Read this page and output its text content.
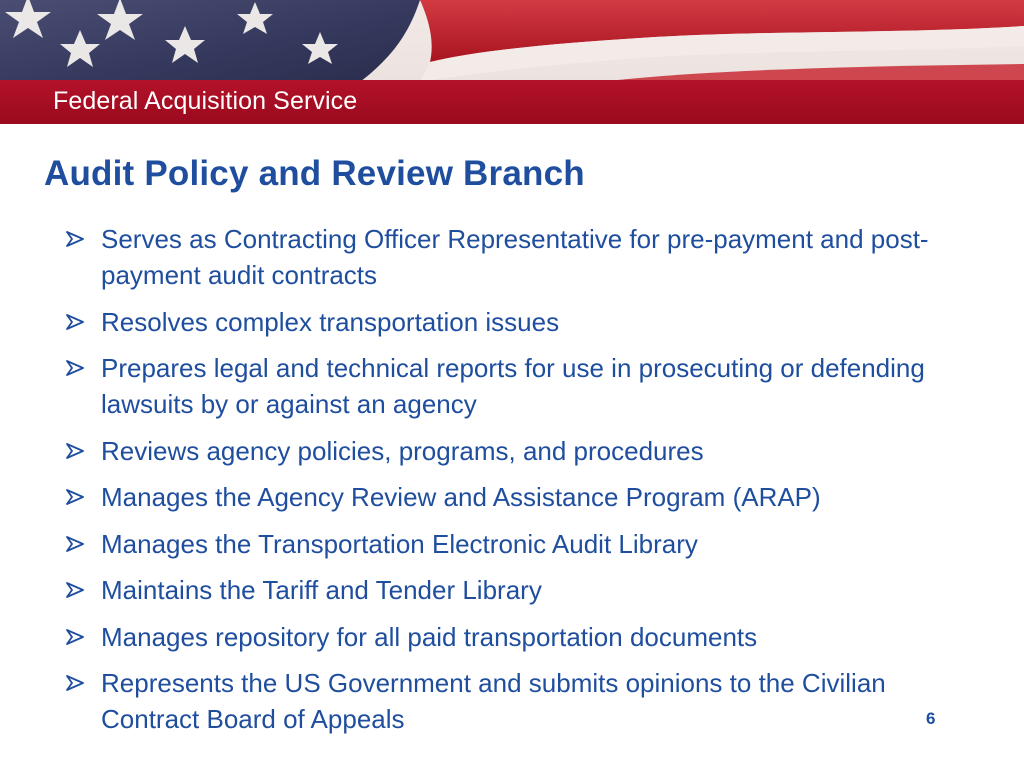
Federal Acquisition Service
Audit Policy and Review Branch
Serves as Contracting Officer Representative for pre-payment and post-payment audit contracts
Resolves complex transportation issues
Prepares legal and technical reports for use in prosecuting or defending lawsuits by or against an agency
Reviews agency policies, programs, and procedures
Manages the Agency Review and Assistance Program (ARAP)
Manages the Transportation Electronic Audit Library
Maintains the Tariff and Tender Library
Manages repository for all paid transportation documents
Represents the US Government and submits opinions to the Civilian Contract Board of Appeals	6
